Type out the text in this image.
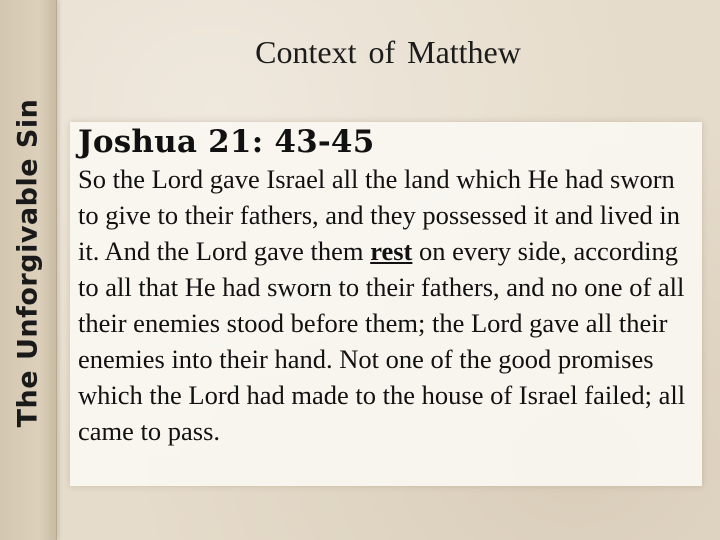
The Unforgivable Sin
Context of Matthew
Joshua 21: 43-45
So the Lord gave Israel all the land which He had sworn to give to their fathers, and they possessed it and lived in it. And the Lord gave them rest on every side, according to all that He had sworn to their fathers, and no one of all their enemies stood before them; the Lord gave all their enemies into their hand. Not one of the good promises which the Lord had made to the house of Israel failed; all came to pass.
